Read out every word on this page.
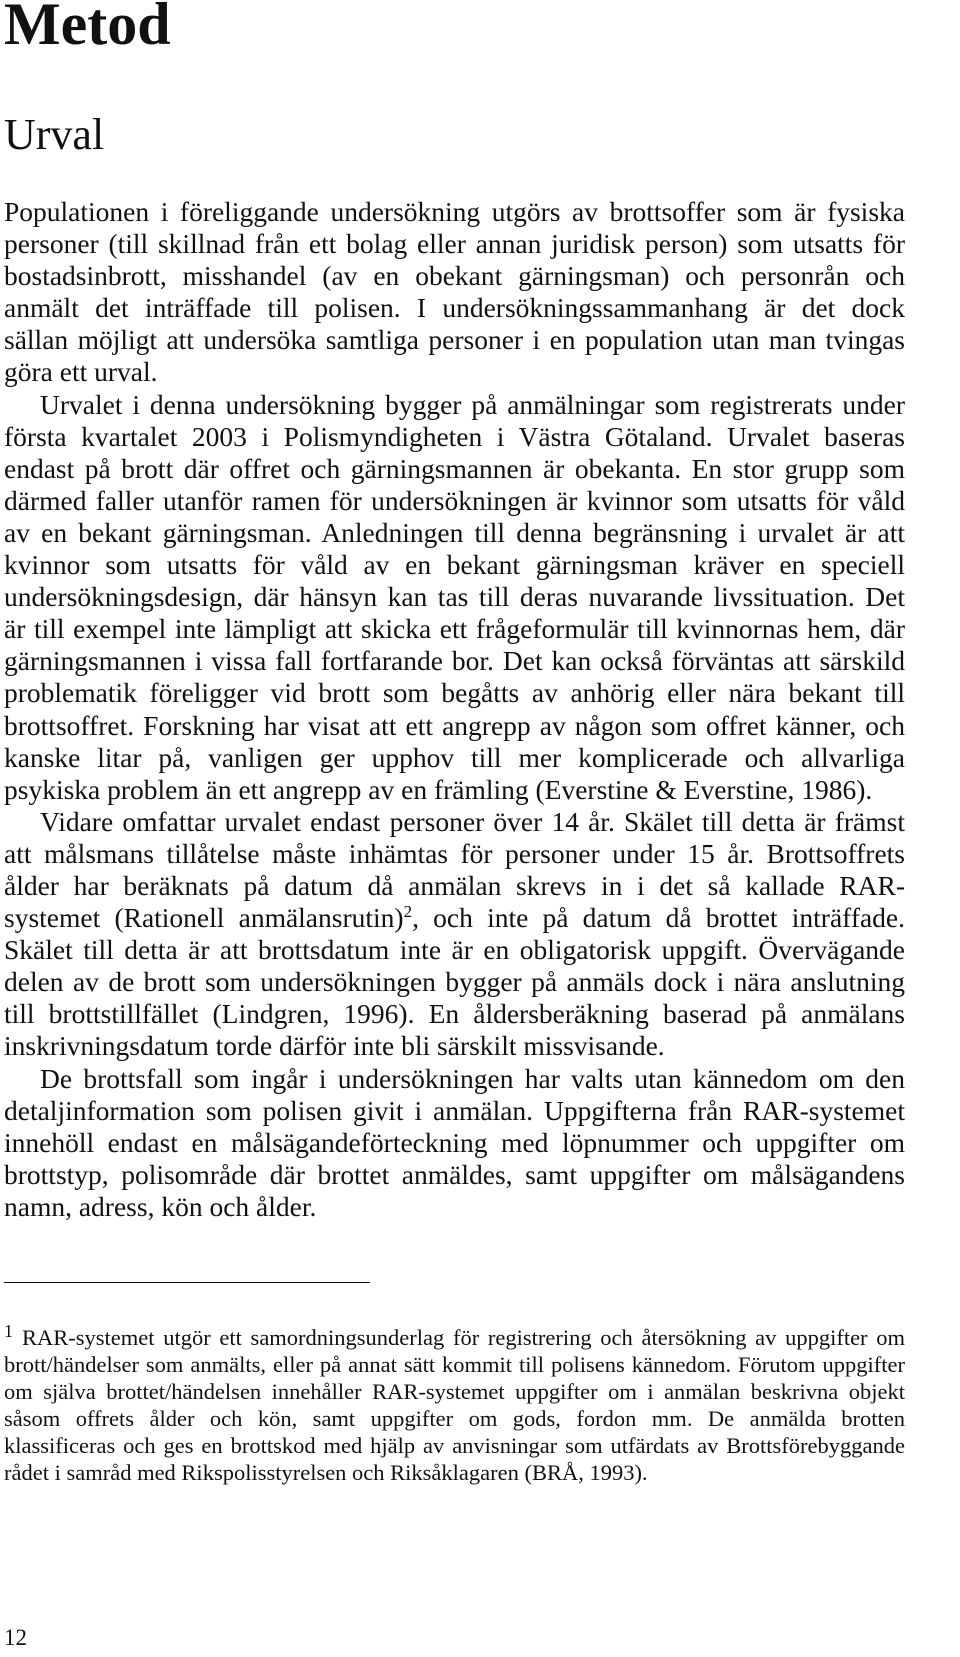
Metod
Urval
Populationen i föreliggande undersökning utgörs av brottsoffer som är fysiska
personer (till skillnad från ett bolag eller annan juridisk person) som utsatts för
bostadsinbrott, misshandel (av en obekant gärningsman) och personrån och
anmält det inträffade till polisen. I undersökningssammanhang är det dock
sällan möjligt att undersöka samtliga personer i en population utan man tvingas
göra ett urval.
Urvalet i denna undersökning bygger på anmälningar som registrerats under
första kvartalet 2003 i Polismyndigheten i Västra Götaland. Urvalet baseras
endast på brott där offret och gärningsmannen är obekanta. En stor grupp som
därmed faller utanför ramen för undersökningen är kvinnor som utsatts för våld
av en bekant gärningsman. Anledningen till denna begränsning i urvalet är att
kvinnor som utsatts för våld av en bekant gärningsman kräver en speciell
undersökningsdesign, där hänsyn kan tas till deras nuvarande livssituation. Det
är till exempel inte lämpligt att skicka ett frågeformulär till kvinnornas hem, där
gärningsmannen i vissa fall fortfarande bor. Det kan också förväntas att särskild
problematik föreligger vid brott som begåtts av anhörig eller nära bekant till
brottsoffret. Forskning har visat att ett angrepp av någon som offret känner, och
kanske litar på, vanligen ger upphov till mer komplicerade och allvarliga
psykiska problem än ett angrepp av en främling (Everstine & Everstine, 1986).
Vidare omfattar urvalet endast personer över 14 år. Skälet till detta är främst
att målsmans tillåtelse måste inhämtas för personer under 15 år. Brottsoffrets
ålder har beräknats på datum då anmälan skrevs in i det så kallade RAR-
systemet (Rationell anmälansrutin)$^2$, och inte på datum då brottet inträffade.
Skälet till detta är att brottsdatum inte är en obligatorisk uppgift. Övervägande
delen av de brott som undersökningen bygger på anmäls dock i nära anslutning
till brottstillfället (Lindgren, 1996). En åldersberäkning baserad på anmälans
inskrivningsdatum torde därför inte bli särskilt missvisande.
De brottsfall som ingår i undersökningen har valts utan kännedom om den
detaljinformation som polisen givit i anmälan. Uppgifterna från RAR-systemet
innehöll endast en målsägandeförteckning med löpnummer och uppgifter om
brottstyp, polisområde där brottet anmäldes, samt uppgifter om målsägandens
namn, adress, kön och ålder.
1 RAR-systemet utgör ett samordningsunderlag för registrering och återsökning av uppgifter om
brott/händelser som anmälts, eller på annat sätt kommit till polisens kännedom. Förutom uppgifter
om själva brottet/händelsen innehåller RAR-systemet uppgifter om i anmälan beskrivna objekt
såsom offrets ålder och kön, samt uppgifter om gods, fordon mm. De anmälda brotten
klassificeras och ges en brottskod med hjälp av anvisningar som utfärdats av Brottsförebyggande
rådet i samråd med Rikspolisstyrelsen och Riksåklagaren (BRÅ, 1993).
12
